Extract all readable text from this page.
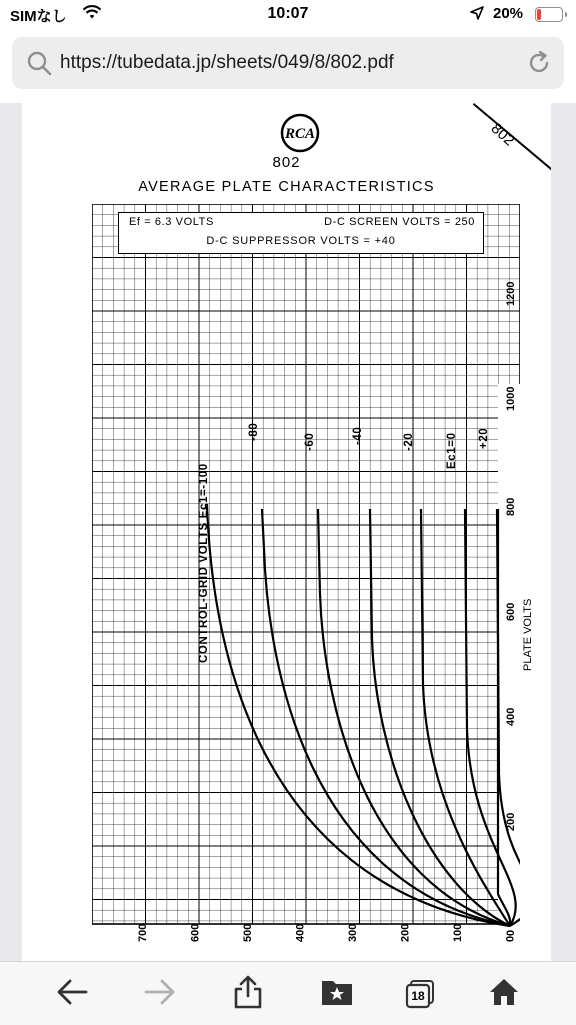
SIMなし	10:07	20%
https://tubedata.jp/sheets/049/8/802.pdf
RCA
802
AVERAGE PLATE CHARACTERISTICS
802
700	600	500	400	300	200	100	0
1200
1000
800
600
400
200
0
Ef = 6.3 VOLTS	D-C SCREEN VOLTS = 250
D-C SUPPRESSOR VOLTS = +40
CONTROL-GRID VOLTS Ec1=-100
-80
-60	-40	-20	Ec1=0 +20
PLATE VOLTS
18
